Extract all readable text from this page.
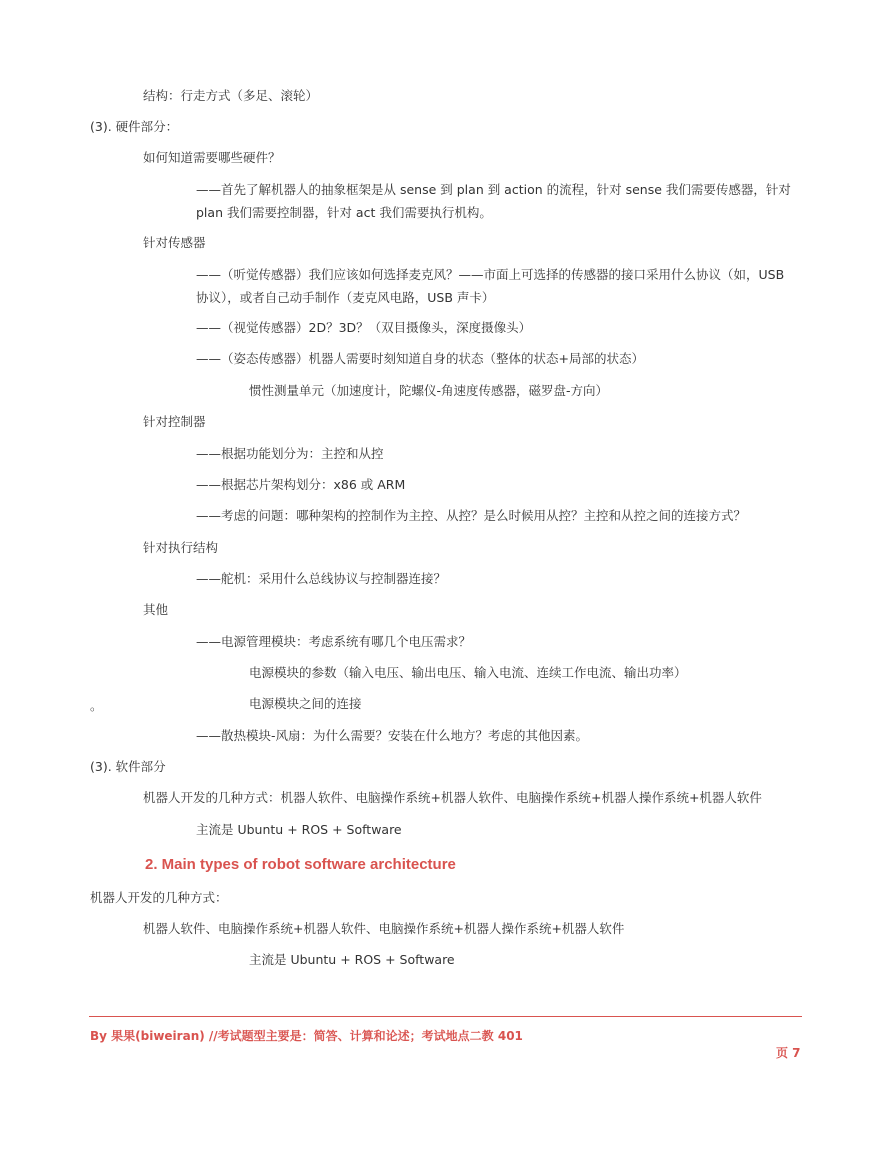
结构：行走方式（多足、滚轮）
(3). 硬件部分：
如何知道需要哪些硬件？
——首先了解机器人的抽象框架是从 sense 到 plan 到 action 的流程，针对 sense 我们需要传感器，针对 plan 我们需要控制器，针对 act 我们需要执行机构。
针对传感器
——（听觉传感器）我们应该如何选择麦克风？——市面上可选择的传感器的接口采用什么协议（如，USB 协议），或者自己动手制作（麦克风电路，USB 声卡）
——（视觉传感器）2D？3D？（双目摄像头，深度摄像头）
——（姿态传感器）机器人需要时刻知道自身的状态（整体的状态+局部的状态）
惯性测量单元（加速度计，陀螺仪-角速度传感器，磁罗盘-方向）
针对控制器
——根据功能划分为：主控和从控
——根据芯片架构划分：x86 或 ARM
——考虑的问题：哪种架构的控制作为主控、从控？是么时候用从控？主控和从控之间的连接方式？
针对执行结构
——舵机：采用什么总线协议与控制器连接？
其他
——电源管理模块：考虑系统有哪几个电压需求？
电源模块的参数（输入电压、输出电压、输入电流、连续工作电流、输出功率）
。	电源模块之间的连接
——散热模块-风扇：为什么需要？安装在什么地方？考虑的其他因素。
(3). 软件部分
机器人开发的几种方式：机器人软件、电脑操作系统+机器人软件、电脑操作系统+机器人操作系统+机器人软件
主流是 Ubuntu + ROS + Software
2. Main types of robot software architecture
机器人开发的几种方式：
机器人软件、电脑操作系统+机器人软件、电脑操作系统+机器人操作系统+机器人软件
主流是 Ubuntu + ROS + Software
By 果果(biweiran) //考试题型主要是：简答、计算和论述；考试地点二教 401
页 7
